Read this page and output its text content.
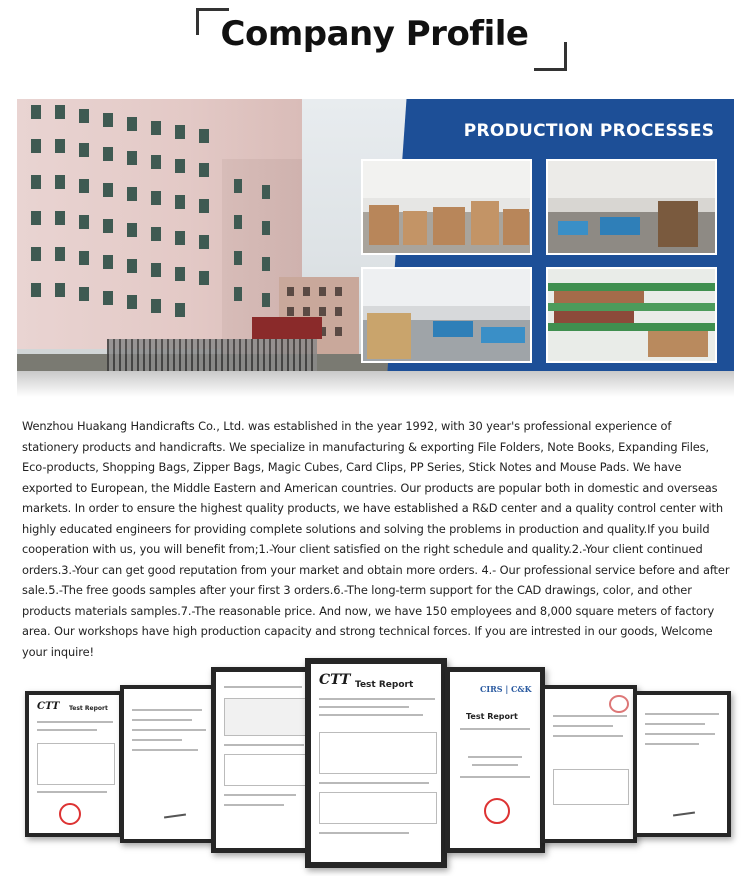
Company Profile
PRODUCTION PROCESSES
Wenzhou Huakang Handicrafts Co., Ltd. was established in the year 1992, with 30 year's professional experience of stationery products and handicrafts. We specialize in manufacturing & exporting File Folders, Note Books, Expanding Files, Eco-products, Shopping Bags, Zipper Bags, Magic Cubes, Card Clips, PP Series, Stick Notes and Mouse Pads. We have exported to European, the Middle Eastern and American countries. Our products are popular both in domestic and overseas markets. In order to ensure the highest quality products, we have established a R&D center and a quality control center with highly educated engineers for providing complete solutions and solving the problems in production and quality.If you build cooperation with us, you will benefit from;1.-Your client satisfied on the right schedule and quality.2.-Your client continued orders.3.-Your can get good reputation from your market and obtain more orders. 4.- Our professional service before and after sale.5.-The free goods samples after your first 3 orders.6.-The long-term support for the CAD drawings, color, and other products materials samples.7.-The reasonable price. And now, we have 150 employees and 8,000 square meters of factory area. Our workshops have high production capacity and strong technical forces. If you are intrested in our goods, Welcome your inquire!
CTT Test Report
CTT Test Report	CIRS | C&K
Test Report
